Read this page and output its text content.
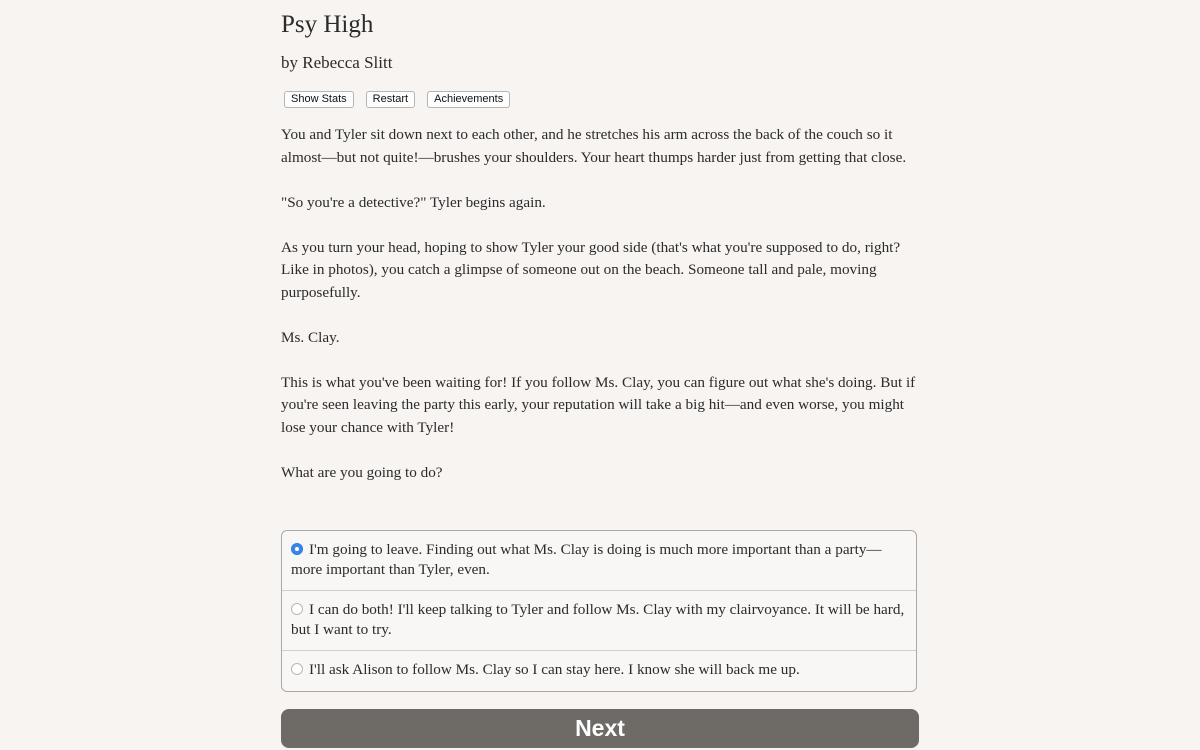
Psy High
by Rebecca Slitt
Show Stats	Restart	Achievements

You and Tyler sit down next to each other, and he stretches his arm across the back of the couch so it almost—but not quite!—brushes your shoulders. Your heart thumps harder just from getting that close.

"So you're a detective?" Tyler begins again.

As you turn your head, hoping to show Tyler your good side (that's what you're supposed to do, right? Like in photos), you catch a glimpse of someone out on the beach. Someone tall and pale, moving purposefully.

Ms. Clay.

This is what you've been waiting for! If you follow Ms. Clay, you can figure out what she's doing. But if you're seen leaving the party this early, your reputation will take a big hit—and even worse, you might lose your chance with Tyler!

What are you going to do?

I'm going to leave. Finding out what Ms. Clay is doing is much more important than a party—more important than Tyler, even.
I can do both! I'll keep talking to Tyler and follow Ms. Clay with my clairvoyance. It will be hard, but I want to try.
I'll ask Alison to follow Ms. Clay so I can stay here. I know she will back me up.
Next
